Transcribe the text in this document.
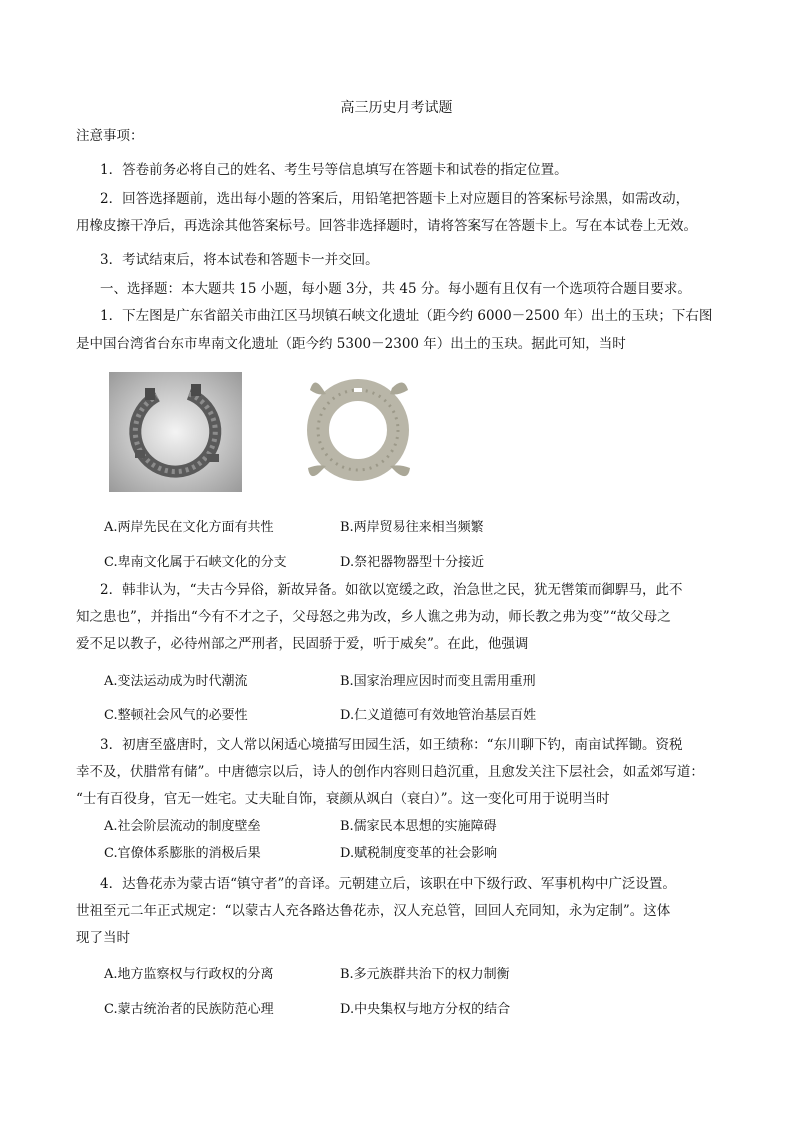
高三历史月考试题
注意事项：
1．答卷前务必将自己的姓名、考生号等信息填写在答题卡和试卷的指定位置。
2．回答选择题前，选出每小题的答案后，用铅笔把答题卡上对应题目的答案标号涂黑，如需改动，
用橡皮擦干净后，再选涂其他答案标号。回答非选择题时，请将答案写在答题卡上。写在本试卷上无效。
3．考试结束后，将本试卷和答题卡一并交回。
一、选择题：本大题共 15 小题，每小题 3分，共 45 分。每小题有且仅有一个选项符合题目要求。
1．下左图是广东省韶关市曲江区马坝镇石峡文化遗址（距今约 6000－2500 年）出土的玉玦；下右图
是中国台湾省台东市卑南文化遗址（距今约 5300－2300 年）出土的玉玦。据此可知，当时
A.两岸先民在文化方面有共性	B.两岸贸易往来相当频繁
C.卑南文化属于石峡文化的分支	D.祭祀器物器型十分接近
2．韩非认为，“夫古今异俗，新故异备。如欲以宽缓之政，治急世之民，犹无辔策而御駻马，此不
知之患也”，并指出“今有不才之子，父母怒之弗为改，乡人谯之弗为动，师长教之弗为变”“故父母之
爱不足以教子，必待州部之严刑者，民固骄于爱，听于威矣”。在此，他强调
A.变法运动成为时代潮流	B.国家治理应因时而变且需用重刑
C.整顿社会风气的必要性	D.仁义道德可有效地管治基层百姓
3．初唐至盛唐时，文人常以闲适心境描写田园生活，如王绩称：“东川聊下钓，南亩试挥锄。资税
幸不及，伏腊常有储”。中唐德宗以后，诗人的创作内容则日趋沉重，且愈发关注下层社会，如孟郊写道：
“士有百役身，官无一姓宅。丈夫耻自饰，衰颜从飒白（衰白）”。这一变化可用于说明当时
A.社会阶层流动的制度壁垒	B.儒家民本思想的实施障碍
C.官僚体系膨胀的消极后果	D.赋税制度变革的社会影响
4．达鲁花赤为蒙古语“镇守者”的音译。元朝建立后，该职在中下级行政、军事机构中广泛设置。
世祖至元二年正式规定：“以蒙古人充各路达鲁花赤，汉人充总管，回回人充同知，永为定制”。这体
现了当时
A.地方监察权与行政权的分离	B.多元族群共治下的权力制衡
C.蒙古统治者的民族防范心理	D.中央集权与地方分权的结合
